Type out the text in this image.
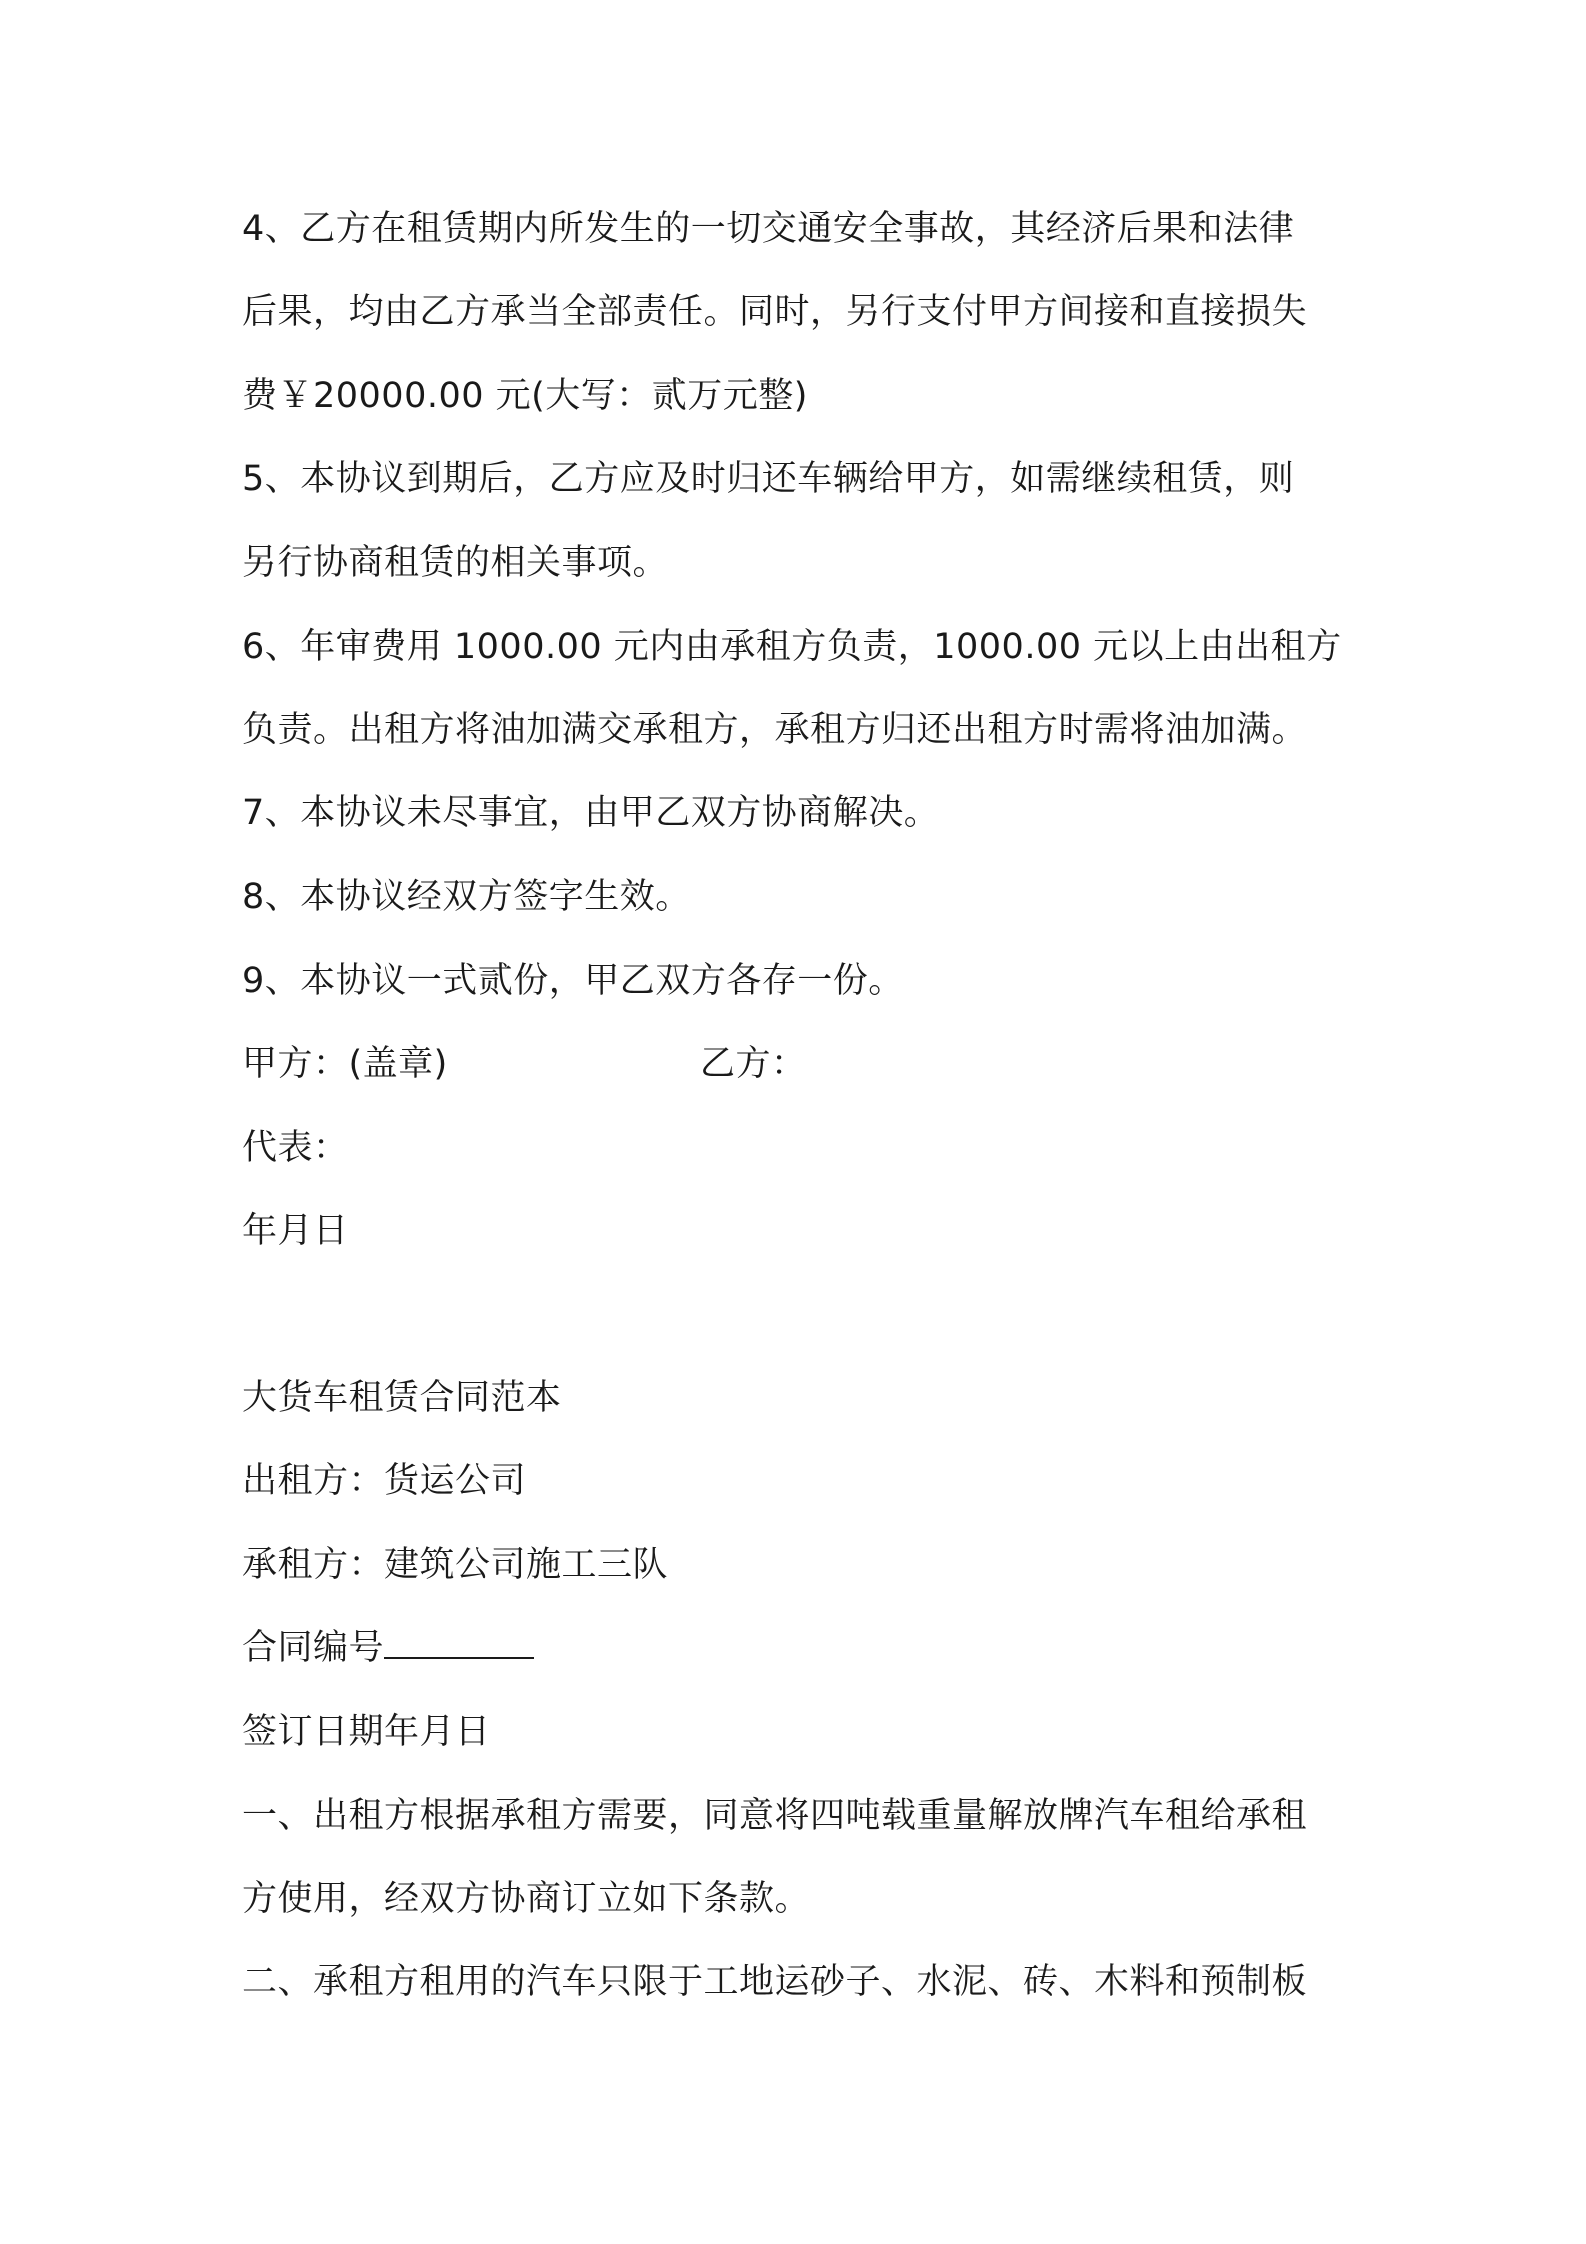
4、乙方在租赁期内所发生的一切交通安全事故，其经济后果和法律
后果，均由乙方承当全部责任。同时，另行支付甲方间接和直接损失
费￥20000.00 元(大写：贰万元整)
5、本协议到期后，乙方应及时归还车辆给甲方，如需继续租赁，则
另行协商租赁的相关事项。
6、年审费用 1000.00 元内由承租方负责，1000.00 元以上由出租方
负责。出租方将油加满交承租方，承租方归还出租方时需将油加满。
7、本协议未尽事宜，由甲乙双方协商解决。
8、本协议经双方签字生效。
9、本协议一式贰份，甲乙双方各存一份。
甲方：(盖章)	乙方：
代表：
年月日
大货车租赁合同范本
出租方：货运公司
承租方：建筑公司施工三队
合同编号
签订日期年月日
一、出租方根据承租方需要，同意将四吨载重量解放牌汽车租给承租
方使用，经双方协商订立如下条款。
二、承租方租用的汽车只限于工地运砂子、水泥、砖、木料和预制板
